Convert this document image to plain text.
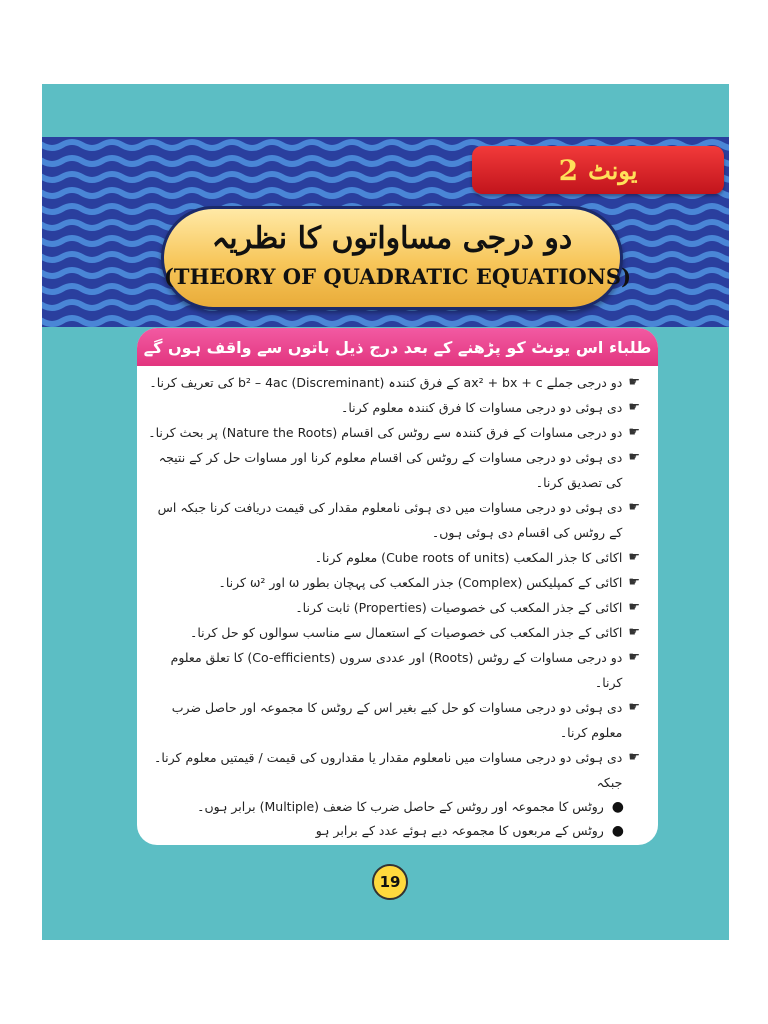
یونٹ
2
دو درجی مساواتوں کا نظریہ
(THEORY OF QUADRATIC EQUATIONS)
طلباء اس یونٹ کو پڑھنے کے بعد درج ذیل باتوں سے واقف ہوں گے
☛
دو درجی جملے ax² + bx + c کے فرق کنندہ b² – 4ac (Discreminant) کی تعریف کرنا۔
☛
دی ہوئی دو درجی مساوات کا فرق کنندہ معلوم کرنا۔
☛
دو درجی مساوات کے فرق کنندہ سے روٹس کی اقسام (Nature the Roots) پر بحث کرنا۔
☛
دی ہوئی دو درجی مساوات کے روٹس کی اقسام معلوم کرنا اور مساوات حل کر کے نتیجہ کی تصدیق کرنا۔
☛
دی ہوئی دو درجی مساوات میں دی ہوئی نامعلوم مقدار کی قیمت دریافت کرنا جبکہ اس کے روٹس کی اقسام دی ہوئی ہوں۔
☛
اکائی کا جذر المکعب (Cube roots of units) معلوم کرنا۔
☛
اکائی کے کمپلیکس (Complex) جذر المکعب کی پہچان بطور ω اور ω² کرنا۔
☛
اکائی کے جذر المکعب کی خصوصیات (Properties) ثابت کرنا۔
☛
اکائی کے جذر المکعب کی خصوصیات کے استعمال سے مناسب سوالوں کو حل کرنا۔
☛
دو درجی مساوات کے روٹس (Roots) اور عددی سروں (Co-efficients) کا تعلق معلوم کرنا۔
☛
دی ہوئی دو درجی مساوات کو حل کیے بغیر اس کے روٹس کا مجموعہ اور حاصل ضرب معلوم کرنا۔
☛
دی ہوئی دو درجی مساوات میں نامعلوم مقدار یا مقداروں کی قیمت / قیمتیں معلوم کرنا۔ جبکہ
●
روٹس کا مجموعہ اور روٹس کے حاصل ضرب کا ضعف (Multiple) برابر ہوں۔
●
روٹس کے مربعوں کا مجموعہ دیے ہوئے عدد کے برابر ہو
19
